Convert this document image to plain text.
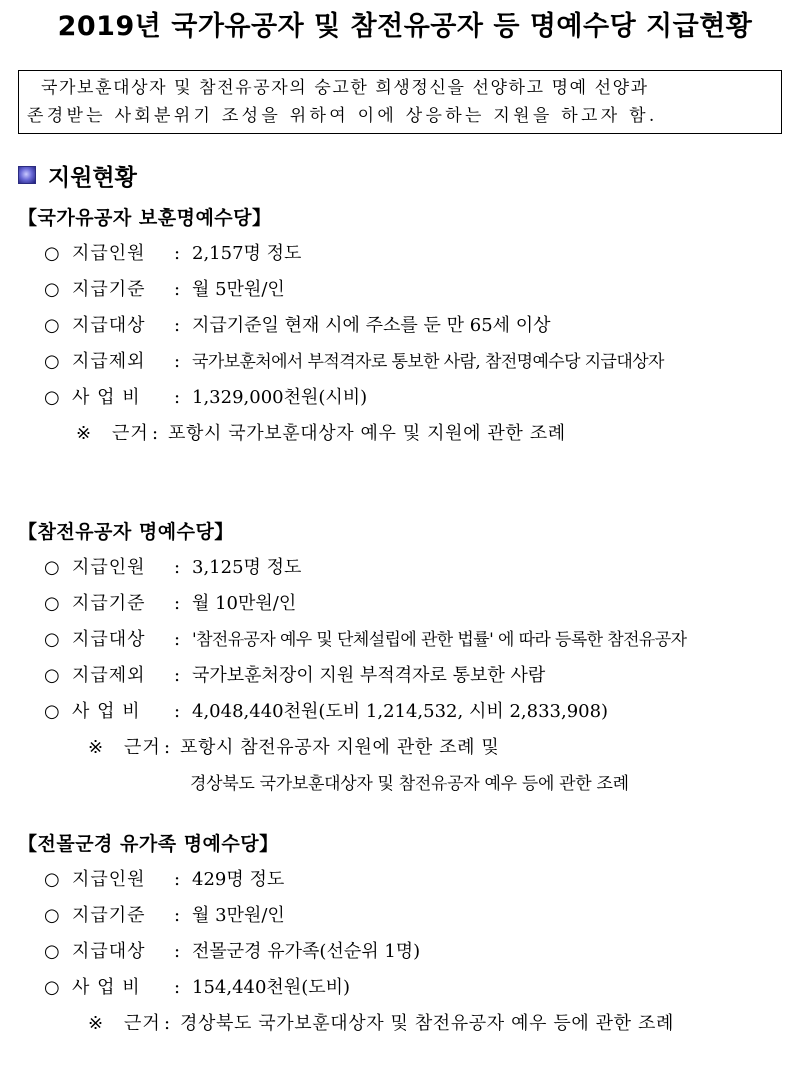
2019년 국가유공자 및 참전유공자 등 명예수당 지급현황

국가보훈대상자 및 참전유공자의 숭고한 희생정신을 선양하고 명예 선양과

존경받는 사회분위기 조성을 위하여 이에 상응하는 지원을 하고자 함.

지원현황
【국가유공자 보훈명예수당】
○ 지급인원	: 2,157명 정도
○ 지급기준	: 월 5만원/인
○ 지급대상	: 지급기준일 현재 시에 주소를 둔 만 65세 이상
○ 지급제외	: 국가보훈처에서 부적격자로 통보한 사람, 참전명예수당 지급대상자
○ 사 업 비	: 1,329,000천원(시비)
※	근거 : 포항시 국가보훈대상자 예우 및 지원에 관한 조례
【참전유공자 명예수당】
○ 지급인원	: 3,125명 정도
○ 지급기준	: 월 10만원/인
○ 지급대상	: '참전유공자 예우 및 단체설립에 관한 법률' 에 따라 등록한 참전유공자
○ 지급제외	: 국가보훈처장이 지원 부적격자로 통보한 사람
○ 사 업 비	: 4,048,440천원(도비 1,214,532, 시비 2,833,908)
※	근거 : 포항시 참전유공자 지원에 관한 조례 및
경상북도 국가보훈대상자 및 참전유공자 예우 등에 관한 조례
【전몰군경 유가족 명예수당】
○ 지급인원	: 429명 정도
○ 지급기준	: 월 3만원/인
○ 지급대상	: 전몰군경 유가족(선순위 1명)
○ 사 업 비	: 154,440천원(도비)
※	근거 : 경상북도 국가보훈대상자 및 참전유공자 예우 등에 관한 조례
